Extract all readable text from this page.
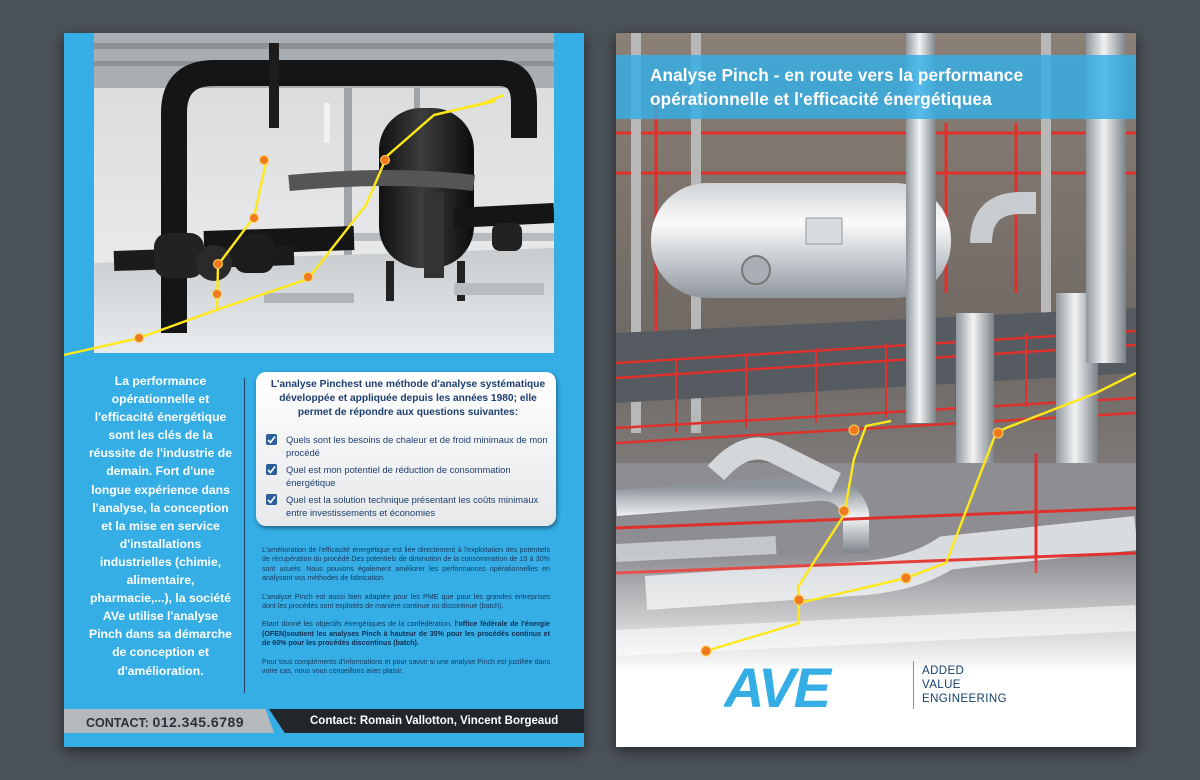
La performance opérationnelle et l'efficacité énergétique sont les clés de la réussite de l'industrie de demain. Fort d'une longue expérience dans l'analyse, la conception et la mise en service d'installations industrielles (chimie, alimentaire, pharmacie,...), la société AVe utilise l'analyse Pinch dans sa démarche de conception et d'amélioration.
L'analyse Pinchest une méthode d'analyse systématique développée et appliquée depuis les années 1980; elle permet de répondre aux questions suivantes:
Quels sont les besoins de chaleur et de froid minimaux de mon procédé
Quel est mon potentiel de réduction de consommation énergétique
Quel est la solution technique présentant les coûts minimaux entre investissements et économies

L'amélioration de l'efficacité énergétique est liée directement à l'exploitation des potentiels de récupération du procédé.Des potentiels de diminution de la consommation de 10 à 30% sont usuels. Nous pouvons également améliorer les performances opérationnelles en analysant vos méthodes de fabrication.

L'analyse Pinch est aussi bien adaptée pour les PME que pour les grandes entreprises dont les procédés sont exploités de manière continue ou discontinue (batch).

Etant donné les objectifs énergétiques de la confédération, l'office fédérale de l'énergie (OFEN)soutient les analyses Pinch à hauteur de 35% pour les procédés continus et de 60% pour les procédés discontinus (batch).

Pour tous compléments d'informations et pour savoir si une analyse Pinch est justifiée dans votre cas, nous vous conseillons avec plaisir.

CONTACT: 012.345.6789	Contact: Romain Vallotton, Vincent Borgeaud
Analyse Pinch - en route vers la performance
opérationnelle et l'efficacité énergétiquea
AVE	ADDED
VALUE
ENGINEERING
